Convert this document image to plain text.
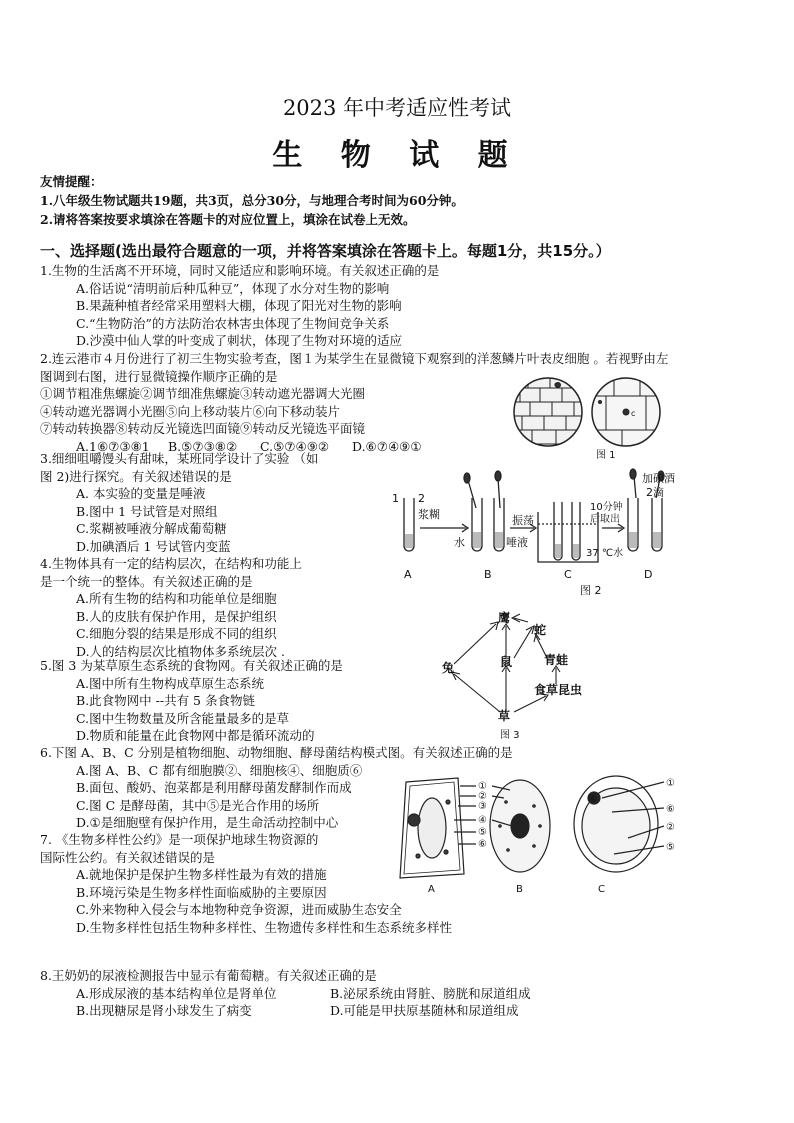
2023 年中考适应性考试
生 物 试 题
友情提醒：
1.八年级生物试题共19题，共3页，总分30分，与地理合考时间为60分钟。
2.请将答案按要求填涂在答题卡的对应位置上，填涂在试卷上无效。
一、选择题(选出最符合题意的一项，并将答案填涂在答题卡上。每题1分，共15分。）
1.生物的生活离不开环境，同时又能适应和影响环境。有关叙述正确的是
A.俗话说“清明前后种瓜种豆”，体现了水分对生物的影响
B.果蔬种植者经常采用塑料大棚，体现了阳光对生物的影响
C.“生物防治”的方法防治农林害虫体现了生物间竞争关系
D.沙漠中仙人掌的叶变成了刺状，体现了生物对环境的适应
2.连云港市４月份进行了初三生物实验考查，图１为某学生在显微镜下观察到的洋葱鳞片叶表皮细胞 。若视野由左
图调到右图，进行显微镜操作顺序正确的是
①调节粗准焦螺旋②调节细准焦螺旋③转动遮光器调大光圈
④转动遮光器调小光圈⑤向上移动装片⑥向下移动装片
⑦转动转换器⑧转动反光镜选凹面镜⑨转动反光镜选平面镜
A.1⑥⑦③⑧1 B.⑤⑦③⑧② C.⑤⑦④⑨② D.⑥⑦④⑨①
c
c
图 1
3.细细咀嚼馒头有甜味，某班同学设计了实验 （如
图 2)进行探究。有关叙述错误的是
A. 本实验的变量是唾液
B.图中 1 号试管是对照组
C.浆糊被唾液分解成葡萄糖
D.加碘酒后 1 号试管内变蓝
1 2
浆糊
水	唾液
振荡
10分钟
后取出
37 ℃水
加碘酒
2滴
A	B	C	D
图 2
4.生物体具有一定的结构层次，在结构和功能上
是一个统一的整体。有关叙述正确的是
A.所有生物的结构和功能单位是细胞
B.人的皮肤有保护作用，是保护组织
C.细胞分裂的结果是形成不同的组织
D.人的结构层次比植物体多系统层次 .
5.图 3 为某草原生态系统的食物网。有关叙述正确的是
A.图中所有生物构成草原生态系统
B.此食物网中 --共有 5 条食物链
C.图中生物数量及所含能量最多的是草
D.物质和能量在此食物网中都是循环流动的
鹰
蛇
兔	鼠	青蛙
食草昆虫
草
图 3
6.下图 A、B、C 分别是植物细胞、动物细胞、酵母菌结构模式图。有关叙述正确的是
A.图 A、B、C 都有细胞膜②、细胞核④、细胞质⑥
B.面包、酸奶、泡菜都是利用酵母菌发酵制作而成
C.图 C 是酵母菌，其中⑤是光合作用的场所
D.①是细胞壁有保护作用，是生命活动控制中心
①
②
③
④
⑤
⑥
①
④
⑥
②
⑤
A	B	C
7. 《生物多样性公约》是一项保护地球生物资源的
国际性公约。有关叙述错误的是
A.就地保护是保护生物多样性最为有效的措施
B.环境污染是生物多样性面临威胁的主要原因
C.外来物种入侵会与本地物种竞争资源，进而威胁生态安全
D.生物多样性包括生物种多样性、生物遗传多样性和生态系统多样性
8.王奶奶的尿液检测报告中显示有葡萄糖。有关叙述正确的是
A.形成尿液的基本结构单位是肾单位	B.泌尿系统由肾脏、膀胱和尿道组成
B.出现糖尿是肾小球发生了病变	D.可能是甲扶原基随林和尿道组成
